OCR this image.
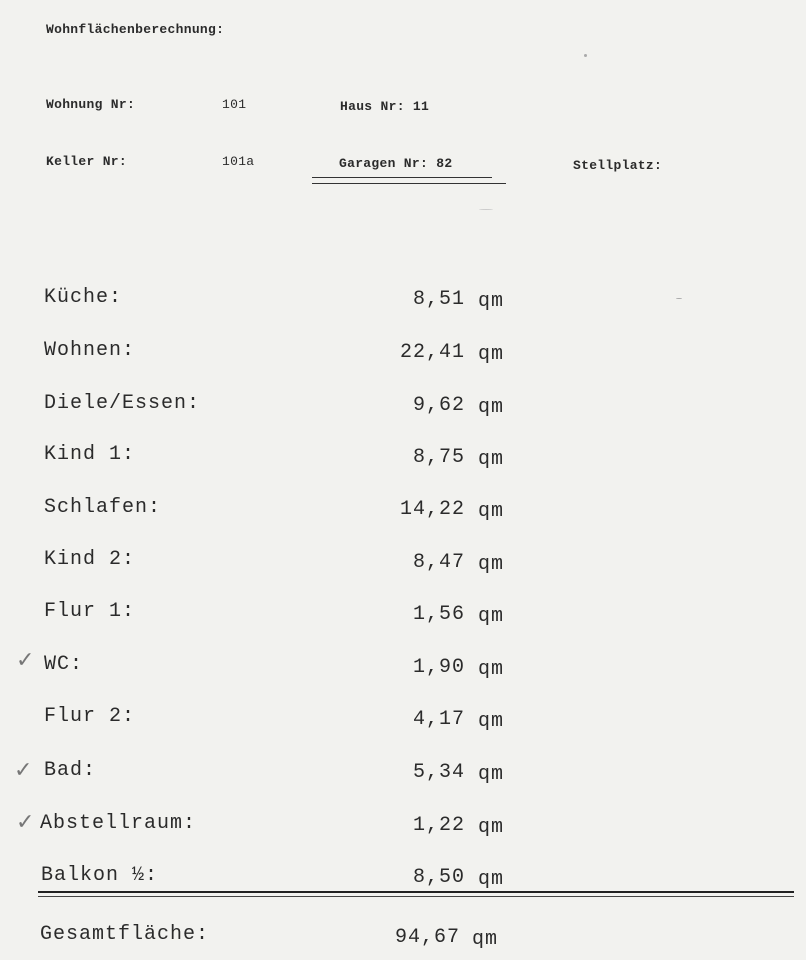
Wohnflächenberechnung:
Wohnung Nr:	101	Haus Nr: 11
Keller Nr:	101a	Garagen Nr: 82	Stellplatz:
Küche:	8,51 qm
Wohnen:	22,41 qm
Diele/Essen:	9,62 qm
Kind 1:	8,75 qm
Schlafen:	14,22 qm
Kind 2:	8,47 qm
Flur 1:	1,56 qm
WC:	1,90 qm
Flur 2:	4,17 qm
Bad:	5,34 qm
Abstellraum:	1,22 qm
Balkon ½:	8,50 qm
Gesamtfläche:	94,67 qm
✓
✓
✓
